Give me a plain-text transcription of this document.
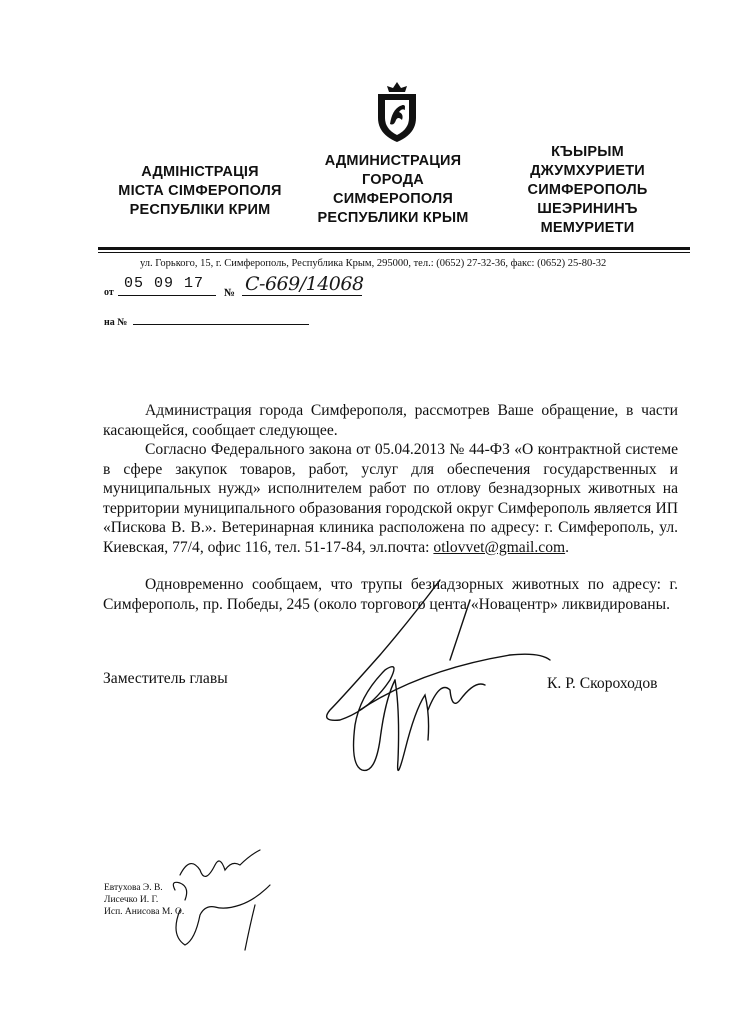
АДМІНІСТРАЦІЯ
МІСТА СІМФЕРОПОЛЯ
РЕСПУБЛІКИ КРИМ
АДМИНИСТРАЦИЯ
ГОРОДА
СИМФЕРОПОЛЯ
РЕСПУБЛИКИ КРЫМ
КЪЫРЫМ
ДЖУМХУРИЕТИ
СИМФЕРОПОЛЬ
ШЕЭРИНИНЪ
МЕМУРИЕТИ
ул. Горького, 15, г. Симферополь, Республика Крым, 295000, тел.: (0652) 27-32-36, факс: (0652) 25-80-32
от
05 09 17
№ С-669/14068
на №
Администрация города Симферополя, рассмотрев Ваше обращение, в части касающейся, сообщает следующее.
Согласно Федерального закона от 05.04.2013 № 44-ФЗ «О контрактной системе в сфере закупок товаров, работ, услуг для обеспечения государственных и муниципальных нужд» исполнителем работ по отлову безнадзорных животных на территории муниципального образования городской округ Симферополь является ИП «Пискова В. В.». Ветеринарная клиника расположена по адресу: г. Симферополь, ул. Киевская, 77/4, офис 116, тел. 51-17-84, эл.почта: otlovvet@gmail.com.
Одновременно сообщаем, что трупы безнадзорных животных по адресу: г. Симферополь, пр. Победы, 245 (около торгового цента «Новацентр» ликвидированы.
Заместитель главы	К. Р. Скороходов
Евтухова Э. В.
Лисечко И. Г.
Исп. Анисова М. О.
